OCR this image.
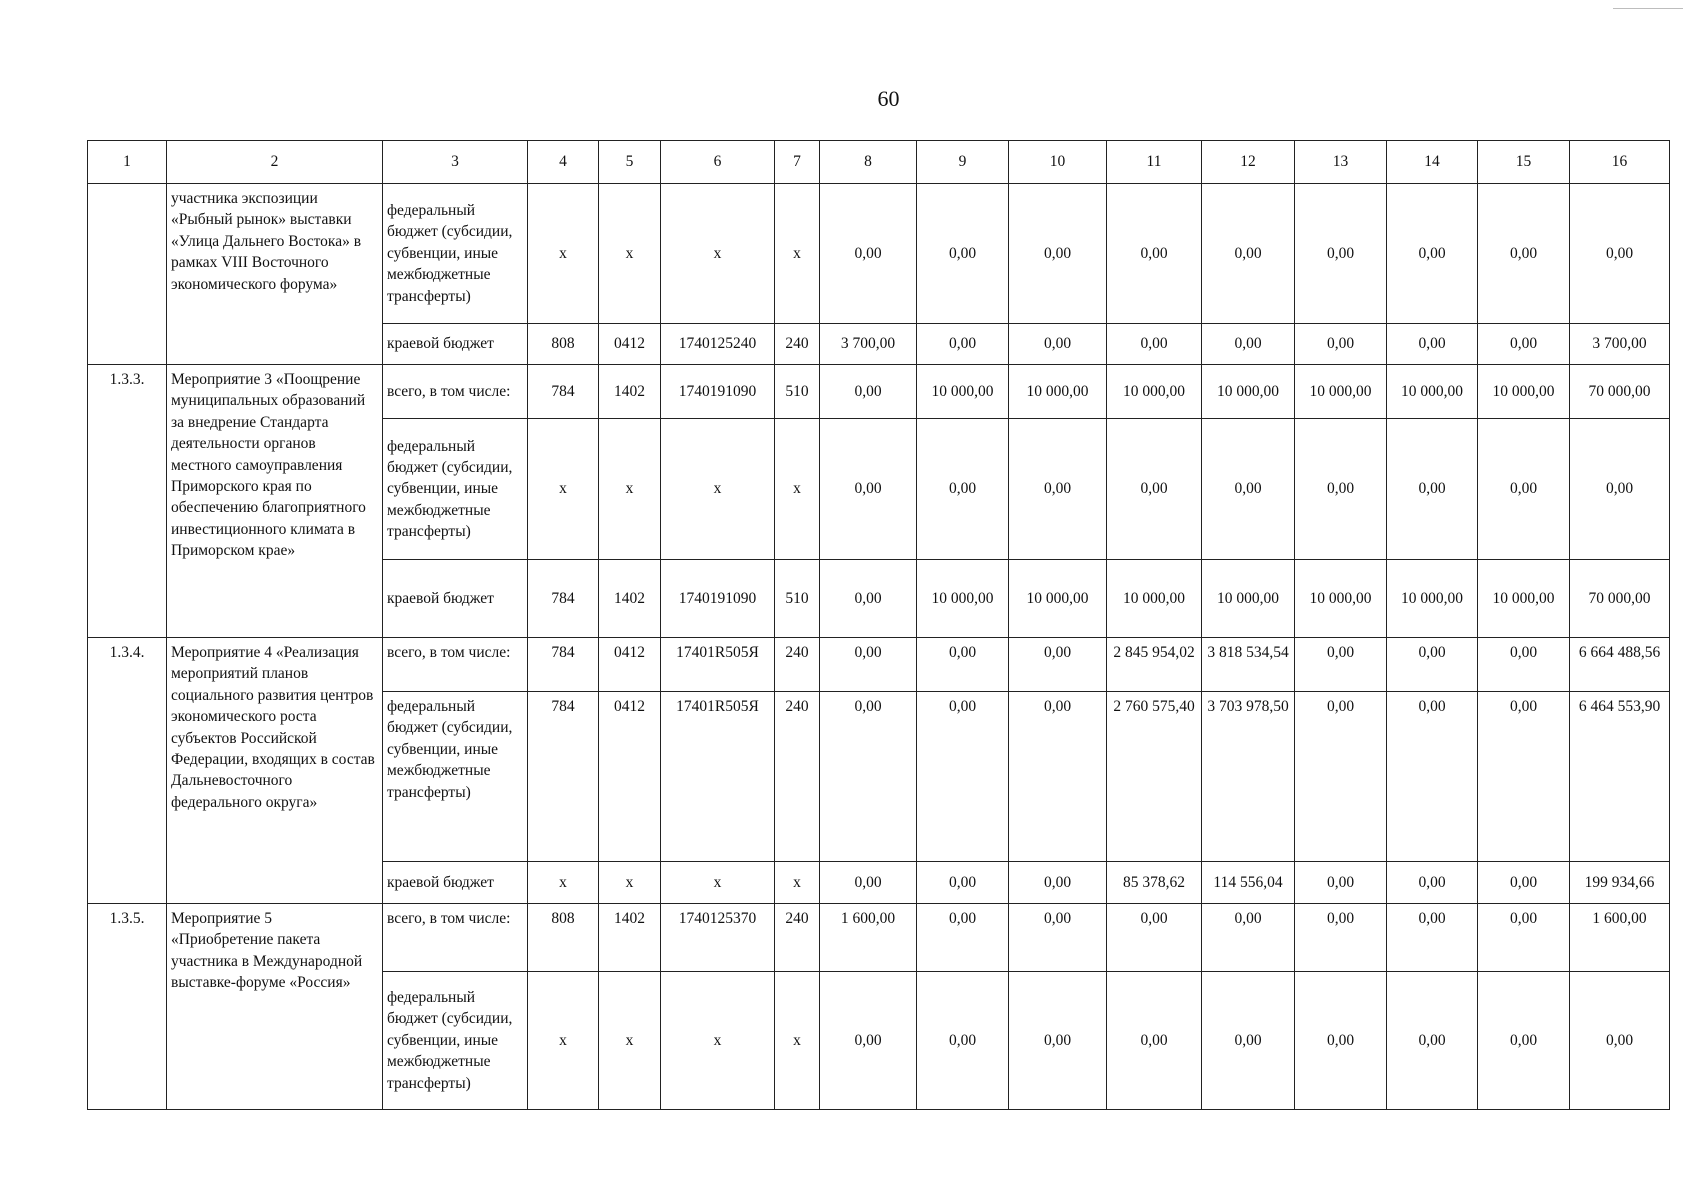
60
1	2	3	4	5	6	7	8	9	10	11	12	13	14	15	16
	участника экспозиции «Рыбный рынок» выставки «Улица Дальнего Востока» в рамках VIII Восточного экономического форума»	федеральный бюджет (субсидии, субвенции, иные межбюджетные трансферты)	х	х	х	х	0,00	0,00	0,00	0,00	0,00	0,00	0,00	0,00	0,00
		краевой бюджет	808	0412	1740125240	240	3 700,00	0,00	0,00	0,00	0,00	0,00	0,00	0,00	3 700,00
1.3.3.	Мероприятие 3 «Поощрение муниципальных образований за внедрение Стандарта деятельности органов местного самоуправления Приморского края по обеспечению благоприятного инвестиционного климата в Приморском крае»	всего, в том числе:	784	1402	1740191090	510	0,00	10 000,00	10 000,00	10 000,00	10 000,00	10 000,00	10 000,00	10 000,00	70 000,00
		федеральный бюджет (субсидии, субвенции, иные межбюджетные трансферты)	х	х	х	х	0,00	0,00	0,00	0,00	0,00	0,00	0,00	0,00	0,00
		краевой бюджет	784	1402	1740191090	510	0,00	10 000,00	10 000,00	10 000,00	10 000,00	10 000,00	10 000,00	10 000,00	70 000,00
1.3.4.	Мероприятие 4 «Реализация мероприятий планов социального развития центров экономического роста субъектов Российской Федерации, входящих в состав Дальневосточного федерального округа»	всего, в том числе:	784	0412	17401R505Я	240	0,00	0,00	0,00	2 845 954,02	3 818 534,54	0,00	0,00	0,00	6 664 488,56
		федеральный бюджет (субсидии, субвенции, иные межбюджетные трансферты)	784	0412	17401R505Я	240	0,00	0,00	0,00	2 760 575,40	3 703 978,50	0,00	0,00	0,00	6 464 553,90
		краевой бюджет	х	х	х	х	0,00	0,00	0,00	85 378,62	114 556,04	0,00	0,00	0,00	199 934,66
1.3.5.	Мероприятие 5 «Приобретение пакета участника в Международной выставке-форуме «Россия»	всего, в том числе:	808	1402	1740125370	240	1 600,00	0,00	0,00	0,00	0,00	0,00	0,00	0,00	1 600,00
		федеральный бюджет (субсидии, субвенции, иные межбюджетные трансферты)	х	х	х	х	0,00	0,00	0,00	0,00	0,00	0,00	0,00	0,00	0,00
